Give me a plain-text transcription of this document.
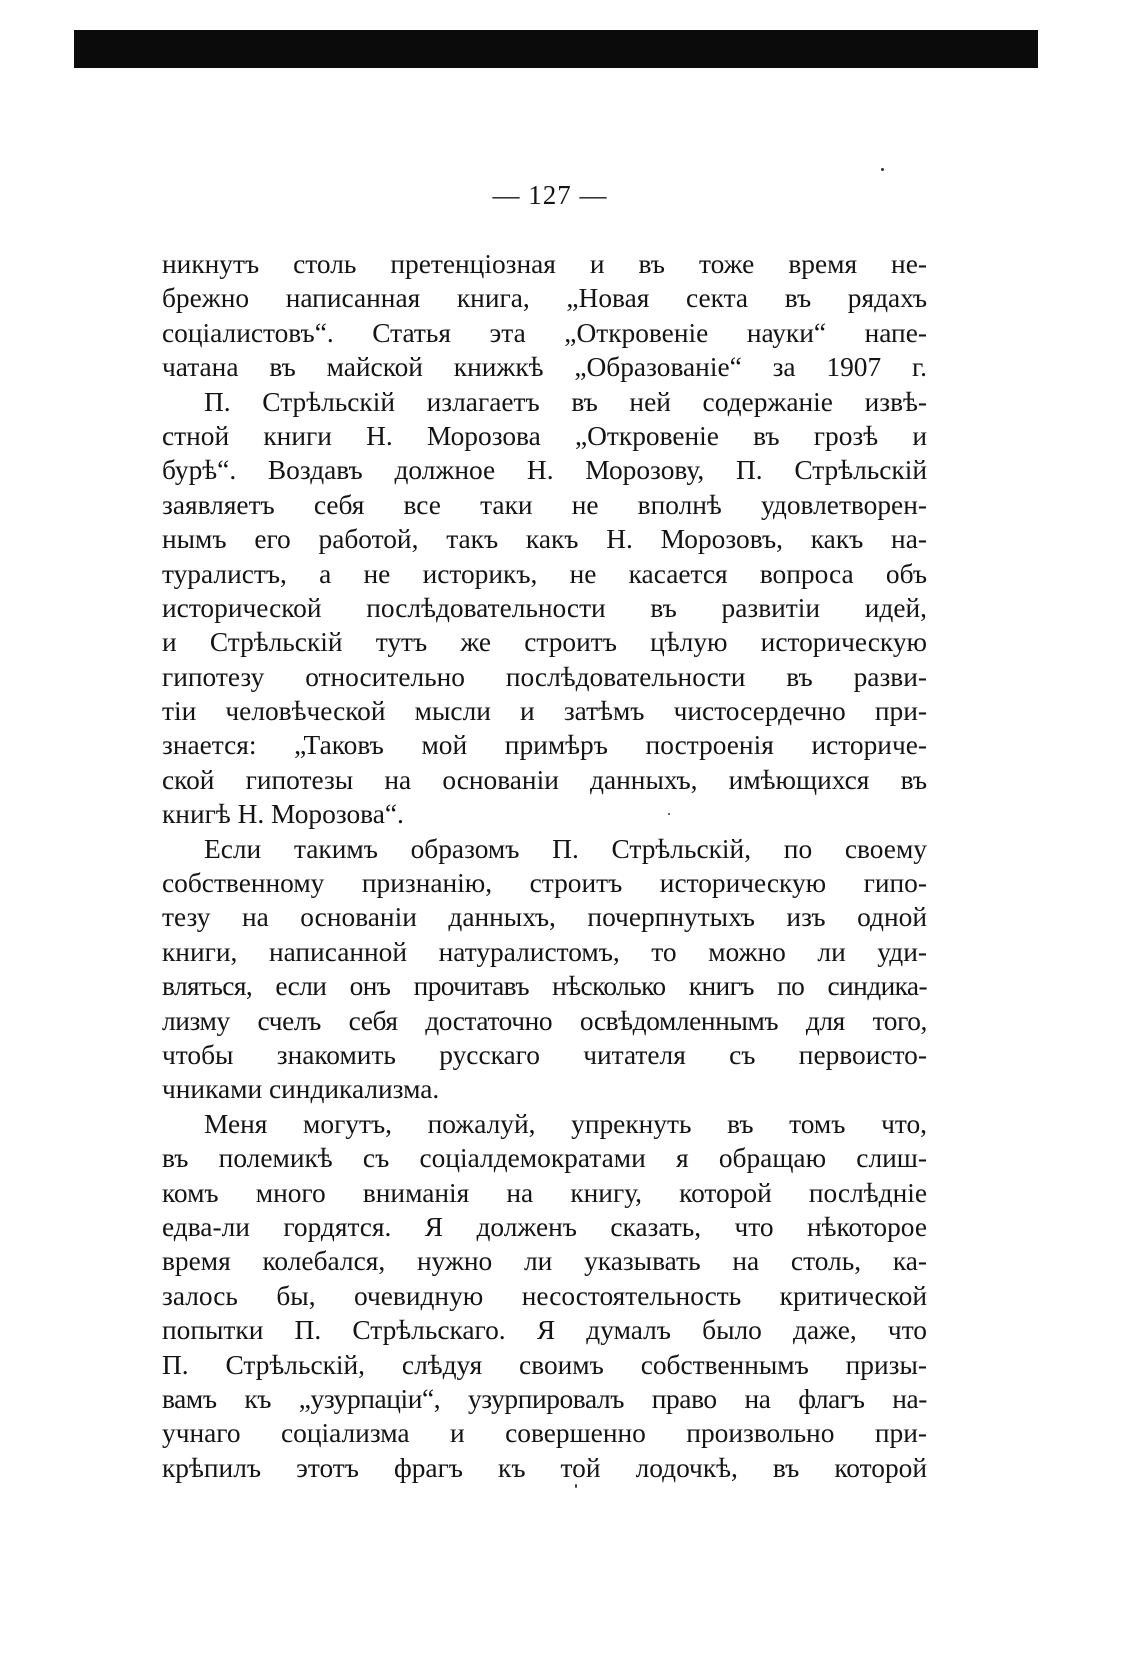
— 127 —
никнутъ столь претенціозная и въ тоже время не-
брежно написанная книга, „Новая секта въ рядахъ
соціалистовъ“. Статья эта „Откровеніе науки“ напе-
чатана въ майской книжкѣ „Образованіе“ за 1907 г.
П. Стрѣльскій излагаетъ въ ней содержаніе извѣ-
стной книги Н. Морозова „Откровеніе въ грозѣ и
бурѣ“. Воздавъ должное Н. Морозову, П. Стрѣльскій
заявляетъ себя все таки не вполнѣ удовлетворен-
нымъ его работой, такъ какъ Н. Морозовъ, какъ на-
туралистъ, а не историкъ, не касается вопроса объ
исторической послѣдовательности въ развитіи идей,
и Стрѣльскій тутъ же строитъ цѣлую историческую
гипотезу относительно послѣдовательности въ разви-
тіи человѣческой мысли и затѣмъ чистосердечно при-
знается: „Таковъ мой примѣръ построенія историче-
ской гипотезы на основаніи данныхъ, имѣющихся въ
книгѣ Н. Морозова“.
Если такимъ образомъ П. Стрѣльскій, по своему
собственному признанію, строитъ историческую гипо-
тезу на основаніи данныхъ, почерпнутыхъ изъ одной
книги, написанной натуралистомъ, то можно ли уди-
вляться, если онъ прочитавъ нѣсколько книгъ по синдика-
лизму счелъ себя достаточно освѣдомленнымъ для того,
чтобы знакомить русскаго читателя съ первоисто-
чниками синдикализма.
Меня могутъ, пожалуй, упрекнуть въ томъ что,
въ полемикѣ съ соціалдемократами я обращаю слиш-
комъ много вниманія на книгу, которой послѣдніе
едва-ли гордятся. Я долженъ сказать, что нѣкоторое
время колебался, нужно ли указывать на столь, ка-
залось бы, очевидную несостоятельность критической
попытки П. Стрѣльскаго. Я думалъ было даже, что
П. Стрѣльскій, слѣдуя своимъ собственнымъ призы-
вамъ къ „узурпаціи“, узурпировалъ право на флагъ на-
учнаго соціализма и совершенно произвольно при-
крѣпилъ этотъ фрагъ къ той лодочкѣ, въ которой
